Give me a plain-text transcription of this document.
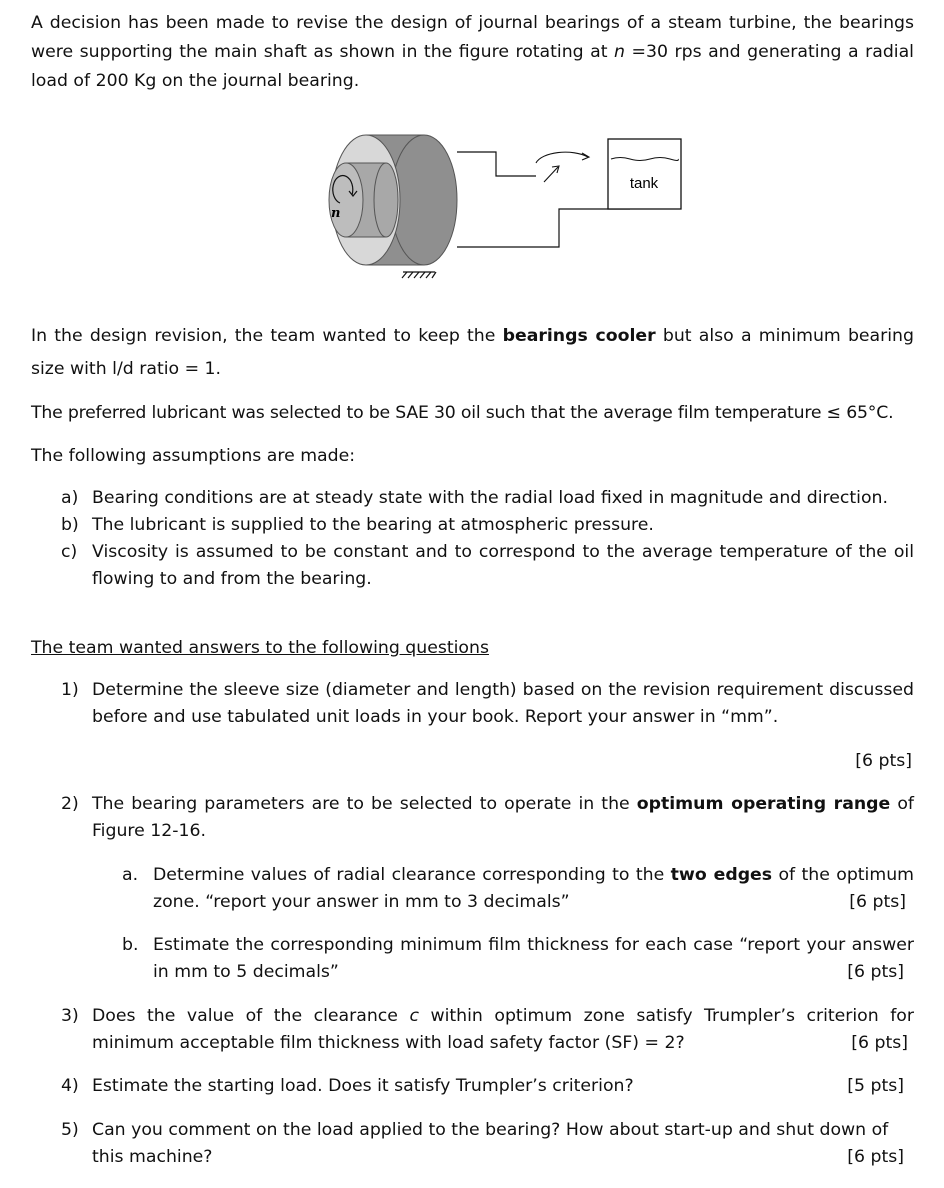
A decision has been made to revise the design of journal bearings of a steam turbine, the bearings
were supporting the main shaft as shown in the figure rotating at n =30 rps and generating a radial
load of 200 Kg on the journal bearing.
n
tank
In the design revision, the team wanted to keep the bearings cooler but also a minimum bearing
size with l/d ratio = 1.
The preferred lubricant was selected to be SAE 30 oil such that the average film temperature ≤ 65°C.
The following assumptions are made:
a) Bearing conditions are at steady state with the radial load fixed in magnitude and direction.
b) The lubricant is supplied to the bearing at atmospheric pressure.
c) Viscosity is assumed to be constant and to correspond to the average temperature of the oil
flowing to and from the bearing.
The team wanted answers to the following questions
1) Determine the sleeve size (diameter and length) based on the revision requirement discussed
before and use tabulated unit loads in your book. Report your answer in “mm”.
[6 pts]
2) The bearing parameters are to be selected to operate in the optimum operating range of
Figure 12-16.
a. Determine values of radial clearance corresponding to the two edges of the optimum
zone. “report your answer in mm to 3 decimals”	[6 pts]
b. Estimate the corresponding minimum film thickness for each case “report your answer
in mm to 5 decimals”	[6 pts]
3) Does the value of the clearance c within optimum zone satisfy Trumpler’s criterion for
minimum acceptable film thickness with load safety factor (SF) = 2?	[6 pts]
4) Estimate the starting load. Does it satisfy Trumpler’s criterion?	[5 pts]
5) Can you comment on the load applied to the bearing? How about start-up and shut down of
this machine?	[6 pts]
